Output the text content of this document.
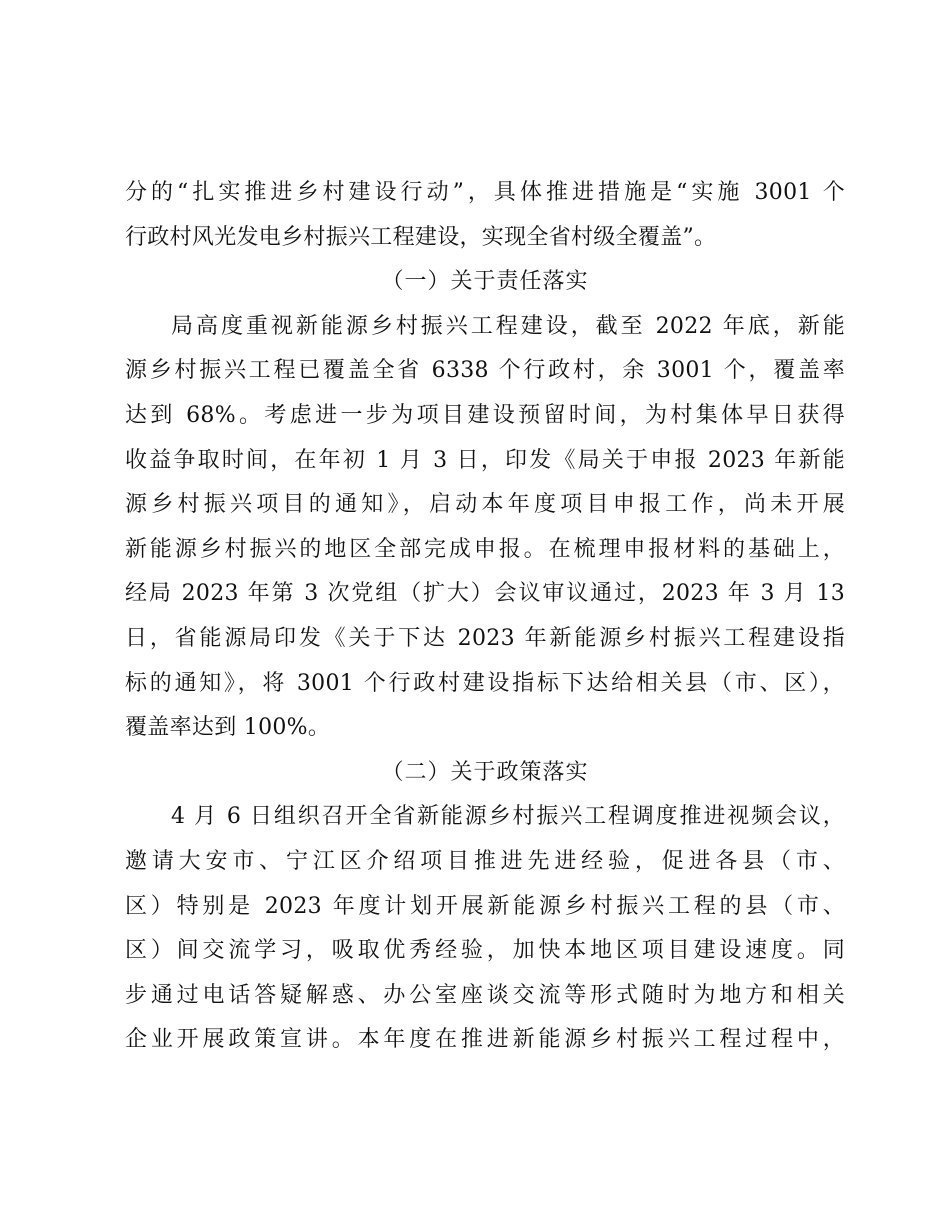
分的“扎实推进乡村建设行动”，具体推进措施是“实施 3001 个
行政村风光发电乡村振兴工程建设，实现全省村级全覆盖”。
（一）关于责任落实
局高度重视新能源乡村振兴工程建设，截至 2022 年底，新能
源乡村振兴工程已覆盖全省 6338 个行政村，余 3001 个，覆盖率
达到 68%。考虑进一步为项目建设预留时间，为村集体早日获得
收益争取时间，在年初 1 月 3 日，印发《局关于申报 2023 年新能
源乡村振兴项目的通知》，启动本年度项目申报工作，尚未开展
新能源乡村振兴的地区全部完成申报。在梳理申报材料的基础上，
经局 2023 年第 3 次党组（扩大）会议审议通过，2023 年 3 月 13
日，省能源局印发《关于下达 2023 年新能源乡村振兴工程建设指
标的通知》，将 3001 个行政村建设指标下达给相关县（市、区），
覆盖率达到 100%。
（二）关于政策落实
4 月 6 日组织召开全省新能源乡村振兴工程调度推进视频会议，
邀请大安市、宁江区介绍项目推进先进经验，促进各县（市、
区）特别是 2023 年度计划开展新能源乡村振兴工程的县（市、
区）间交流学习，吸取优秀经验，加快本地区项目建设速度。同
步通过电话答疑解惑、办公室座谈交流等形式随时为地方和相关
企业开展政策宣讲。本年度在推进新能源乡村振兴工程过程中，
